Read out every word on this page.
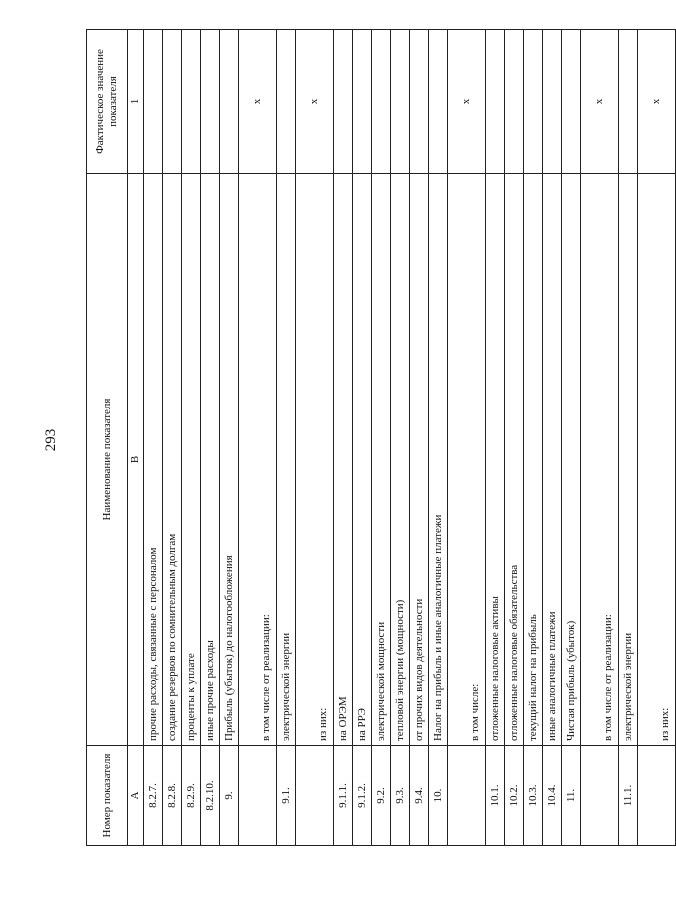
293
Номер показателя	Наименование показателя	Фактическое значение показателя
А	В	1
8.2.7.	прочие расходы, связанные с персоналом	
8.2.8.	создание резервов по сомнительным долгам	
8.2.9.	проценты к уплате	
8.2.10.	иные прочие расходы	
9.	Прибыль (убыток) до налогообложения	
	в том числе от реализации:	x
9.1.	электрической энергии	
	из них:	x
9.1.1.	на ОРЭМ	
9.1.2.	на РРЭ	
9.2.	электрической мощности	
9.3.	тепловой энергии (мощности)	
9.4.	от прочих видов деятельности	
10.	Налог на прибыль и иные аналогичные платежи	
	в том числе:	x
10.1.	отложенные налоговые активы	
10.2.	отложенные налоговые обязательства	
10.3.	текущий налог на прибыль	
10.4.	иные аналогичные платежи	
11.	Чистая прибыль (убыток)	
	в том числе от реализации:	x
11.1.	электрической энергии	
	из них:	x
